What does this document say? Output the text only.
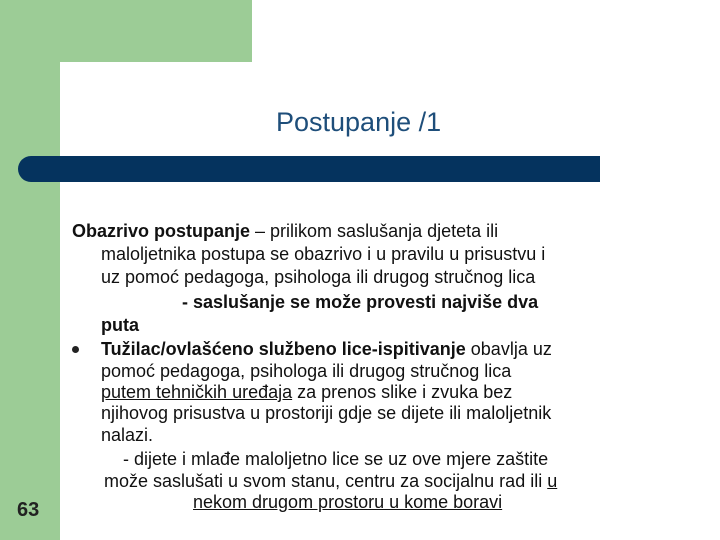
Postupanje /1
Obazrivo postupanje – prilikom saslušanja djeteta ili
maloljetnika postupa se obazrivo i u pravilu u prisustvu i
uz pomoć pedagoga, psihologa ili drugog stručnog lica
- saslušanje se može provesti najviše dva
puta
Tužilac/ovlašćeno službeno lice-ispitivanje obavlja uz
pomoć pedagoga, psihologa ili drugog stručnog lica
putem tehničkih uređaja za prenos slike i zvuka bez
njihovog prisustva u prostoriji gdje se dijete ili maloljetnik
nalazi.
- dijete i mlađe maloljetno lice se uz ove mjere zaštite
može saslušati u svom stanu, centru za socijalnu rad ili u
nekom drugom prostoru u kome boravi
63
